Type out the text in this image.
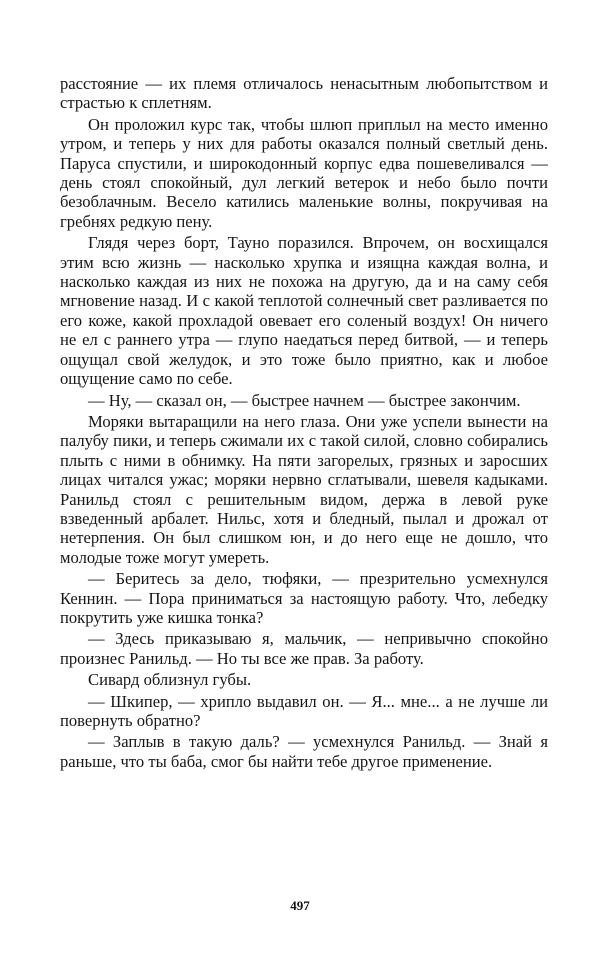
расстояние — их племя отличалось ненасытным любопытством и страстью к сплетням.

Он проложил курс так, чтобы шлюп приплыл на место именно утром, и теперь у них для работы оказался полный светлый день. Паруса спустили, и широкодонный корпус едва пошевеливался — день стоял спокойный, дул легкий ветерок и небо было почти безоблачным. Весело катились маленькие волны, покручивая на гребнях редкую пену.

Глядя через борт, Тауно поразился. Впрочем, он восхищался этим всю жизнь — насколько хрупка и изящна каждая волна, и насколько каждая из них не похожа на другую, да и на саму себя мгновение назад. И с какой теплотой солнечный свет разливается по его коже, какой прохладой овевает его соленый воздух! Он ничего не ел с раннего утра — глупо наедаться перед битвой, — и теперь ощущал свой желудок, и это тоже было приятно, как и любое ощущение само по себе.

— Ну, — сказал он, — быстрее начнем — быстрее закончим.

Моряки вытаращили на него глаза. Они уже успели вынести на палубу пики, и теперь сжимали их с такой силой, словно собирались плыть с ними в обнимку. На пяти загорелых, грязных и заросших лицах читался ужас; моряки нервно сглатывали, шевеля кадыками. Ранильд стоял с решительным видом, держа в левой руке взведенный арбалет. Нильс, хотя и бледный, пылал и дрожал от нетерпения. Он был слишком юн, и до него еще не дошло, что молодые тоже могут умереть.

— Беритесь за дело, тюфяки, — презрительно усмехнулся Кеннин. — Пора приниматься за настоящую работу. Что, лебедку покрутить уже кишка тонка?

— Здесь приказываю я, мальчик, — непривычно спокойно произнес Ранильд. — Но ты все же прав. За работу.

Сивард облизнул губы.

— Шкипер, — хрипло выдавил он. — Я... мне... а не лучше ли повернуть обратно?

— Заплыв в такую даль? — усмехнулся Ранильд. — Знай я раньше, что ты баба, смог бы найти тебе другое применение.

497
